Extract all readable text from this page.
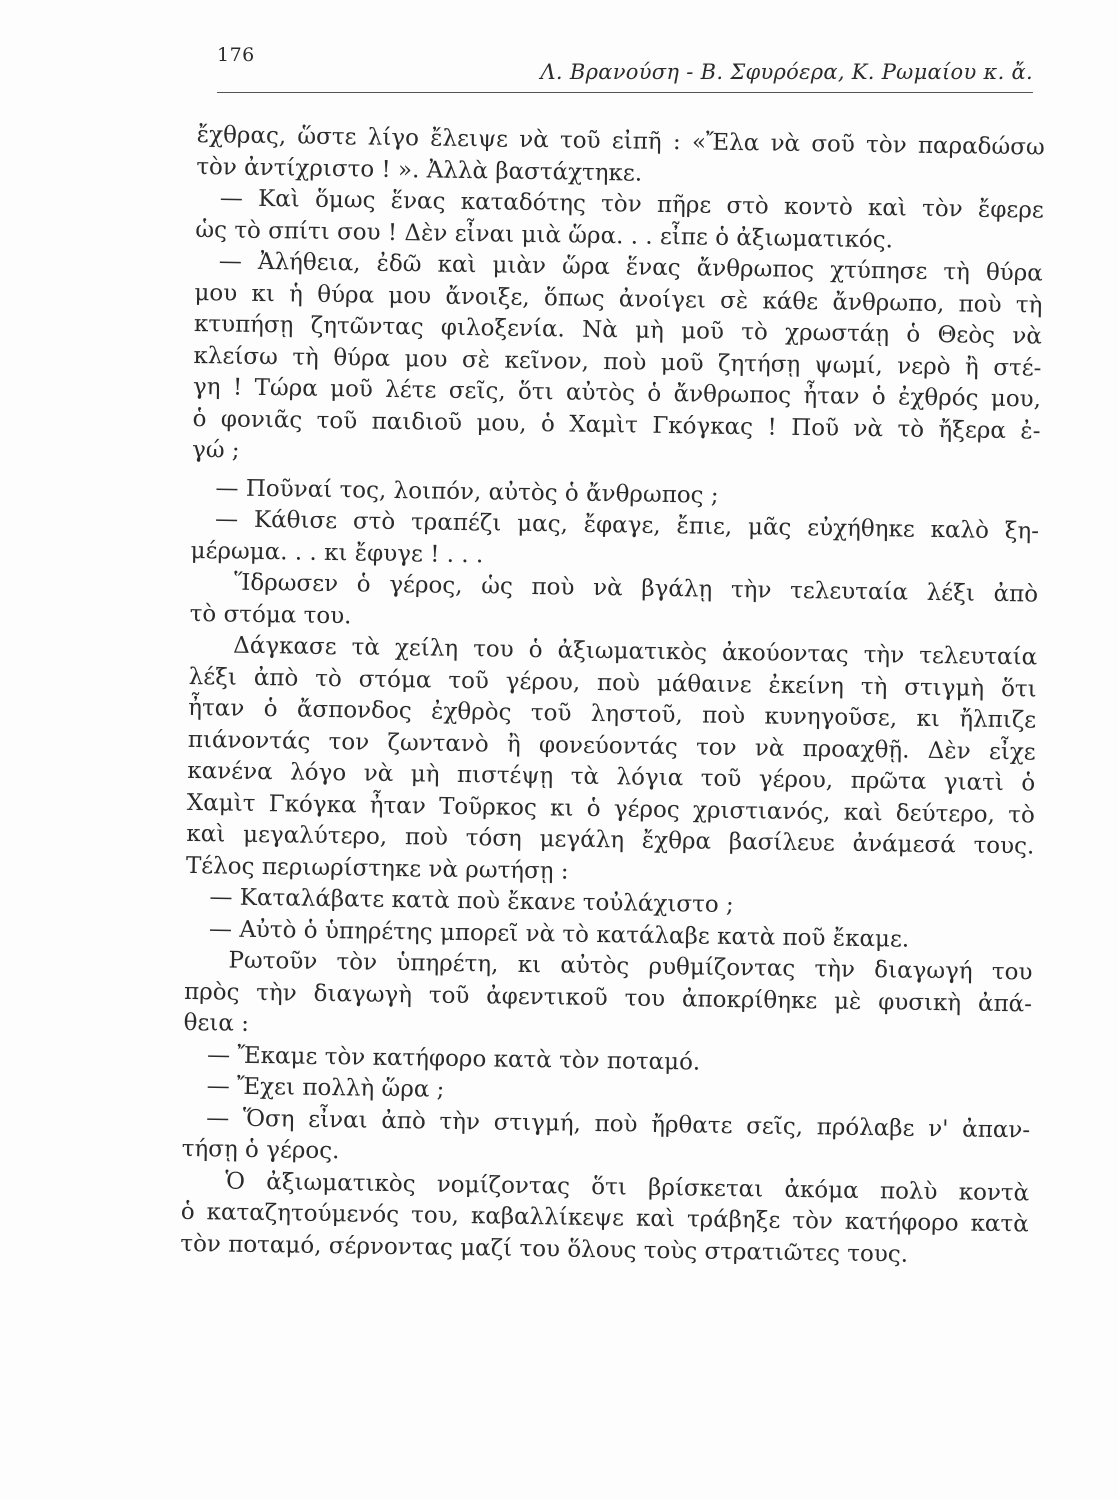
176
Λ. Βρανούση - Β. Σφυρόερα, Κ. Ρωμαίου κ. ἄ.
ἔχθρας, ὥστε λίγο ἔλειψε νὰ τοῦ εἰπῆ : «Ἔλα νὰ σοῦ τὸν παραδώσω
τὸν ἀντίχριστο ! ». Ἀλλὰ βαστάχτηκε.
— Καὶ ὅμως ἕνας καταδότης τὸν πῆρε στὸ κοντὸ καὶ τὸν ἔφερε
ὡς τὸ σπίτι σου ! Δὲν εἶναι μιὰ ὥρα. . . εἶπε ὁ ἀξιωματικός.
— Ἀλήθεια, ἐδῶ καὶ μιὰν ὥρα ἕνας ἄνθρωπος χτύπησε τὴ θύρα
μου κι ἡ θύρα μου ἄνοιξε, ὅπως ἀνοίγει σὲ κάθε ἄνθρωπο, ποὺ τὴ
κτυπήσῃ ζητῶντας φιλοξενία. Νὰ μὴ μοῦ τὸ χρωστάῃ ὁ Θεὸς νὰ
κλείσω τὴ θύρα μου σὲ κεῖνον, ποὺ μοῦ ζητήσῃ ψωμί, νερὸ ἢ στέ-
γη ! Τώρα μοῦ λέτε σεῖς, ὅτι αὐτὸς ὁ ἄνθρωπος ἦταν ὁ ἐχθρός μου,
ὁ φονιᾶς τοῦ παιδιοῦ μου, ὁ Χαμὶτ Γκόγκας ! Ποῦ νὰ τὸ ἤξερα ἐ-
γώ ;
— Ποῦναί τος, λοιπόν, αὐτὸς ὁ ἄνθρωπος ;
— Κάθισε στὸ τραπέζι μας, ἔφαγε, ἔπιε, μᾶς εὐχήθηκε καλὸ ξη-
μέρωμα. . . κι ἔφυγε ! . . .
Ἵδρωσεν ὁ γέρος, ὡς ποὺ νὰ βγάλῃ τὴν τελευταία λέξι ἀπὸ
τὸ στόμα του.
Δάγκασε τὰ χείλη του ὁ ἀξιωματικὸς ἀκούοντας τὴν τελευταία
λέξι ἀπὸ τὸ στόμα τοῦ γέρου, ποὺ μάθαινε ἐκείνη τὴ στιγμὴ ὅτι
ἦταν ὁ ἄσπονδος ἐχθρὸς τοῦ ληστοῦ, ποὺ κυνηγοῦσε, κι ἤλπιζε
πιάνοντάς τον ζωντανὸ ἢ φονεύοντάς τον νὰ προαχθῇ. Δὲν εἶχε
κανένα λόγο νὰ μὴ πιστέψῃ τὰ λόγια τοῦ γέρου, πρῶτα γιατὶ ὁ
Χαμὶτ Γκόγκα ἦταν Τοῦρκος κι ὁ γέρος χριστιανός, καὶ δεύτερο, τὸ
καὶ μεγαλύτερο, ποὺ τόση μεγάλη ἔχθρα βασίλευε ἀνάμεσά τους.
Τέλος περιωρίστηκε νὰ ρωτήσῃ :
— Καταλάβατε κατὰ ποὺ ἔκανε τοὐλάχιστο ;
— Αὐτὸ ὁ ὑπηρέτης μπορεῖ νὰ τὸ κατάλαβε κατὰ ποῦ ἔκαμε.
Ρωτοῦν τὸν ὑπηρέτη, κι αὐτὸς ρυθμίζοντας τὴν διαγωγή του
πρὸς τὴν διαγωγὴ τοῦ ἀφεντικοῦ του ἀποκρίθηκε μὲ φυσικὴ ἀπά-
θεια :
— Ἔκαμε τὸν κατήφορο κατὰ τὸν ποταμό.
— Ἔχει πολλὴ ὥρα ;
— Ὅση εἶναι ἀπὸ τὴν στιγμή, ποὺ ἤρθατε σεῖς, πρόλαβε ν' ἀπαν-
τήσῃ ὁ γέρος.
Ὁ ἀξιωματικὸς νομίζοντας ὅτι βρίσκεται ἀκόμα πολὺ κοντὰ
ὁ καταζητούμενός του, καβαλλίκεψε καὶ τράβηξε τὸν κατήφορο κατὰ
τὸν ποταμό, σέρνοντας μαζί του ὅλους τοὺς στρατιῶτες τους.
